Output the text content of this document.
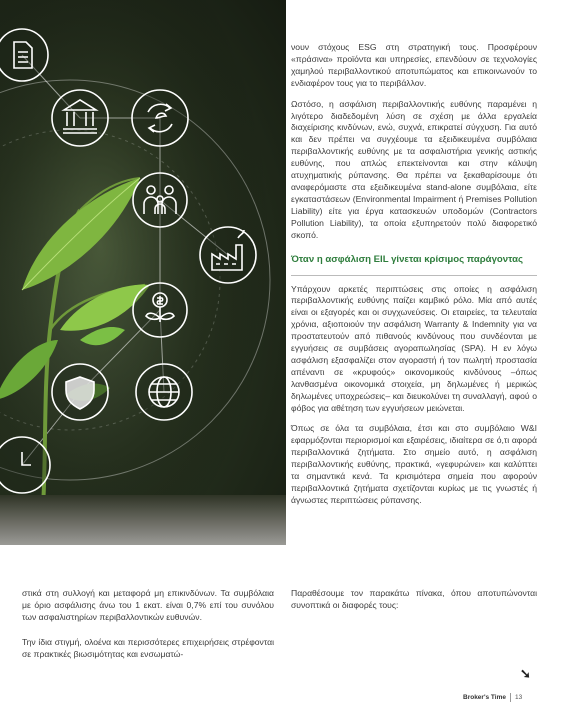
νουν στόχους ESG στη στρατηγική τους. Προσφέρουν «πράσινα» προϊόντα και υπηρεσίες, επενδύουν σε τεχνολογίες χαμηλού περιβαλλοντικού αποτυπώματος και επικοινωνούν το ενδιαφέρον τους για το περιβάλλον.

Ωστόσο, η ασφάλιση περιβαλλοντικής ευθύνης παραμένει η λιγότερο διαδεδομένη λύση σε σχέση με άλλα εργαλεία διαχείρισης κινδύνων, ενώ, συχνά, επικρατεί σύγχυση. Για αυτό και δεν πρέπει να συγχέουμε τα εξειδικευμένα συμβόλαια περιβαλλοντικής ευθύνης με τα ασφαλιστήρια γενικής αστικής ευθύνης, που απλώς επεκτείνονται και στην κάλυψη ατυχηματικής ρύπανσης. Θα πρέπει να ξεκαθαρίσουμε ότι αναφερόμαστε στα εξειδικευμένα stand-alone συμβόλαια, είτε εγκαταστάσεων (Environmental Impairment ή Premises Pollution Liability) είτε για έργα κατασκευών υποδομών (Contractors Pollution Liability), τα οποία εξυπηρετούν πολύ διαφορετικό σκοπό.

Όταν η ασφάλιση EIL γίνεται κρίσιμος παράγοντας

Υπάρχουν αρκετές περιπτώσεις στις οποίες η ασφάλιση περιβαλλοντικής ευθύνης παίζει καμβικό ρόλο. Μία από αυτές είναι οι εξαγορές και οι συγχωνεύσεις. Οι εταιρείες, τα τελευταία χρόνια, αξιοποιούν την ασφάλιση Warranty & Indemnity για να προστατευτούν από πιθανούς κινδύνους που συνδέονται με εγγυήσεις σε συμβάσεις αγοραπωλησίας (SPA). Η εν λόγω ασφάλιση εξασφαλίζει στον αγοραστή ή τον πωλητή προστασία απέναντι σε «κρυφούς» οικονομικούς κινδύνους –όπως λανθασμένα οικονομικά στοιχεία, μη δηλωμένες ή μερικώς δηλωμένες υποχρεώσεις– και διευκολύνει τη συναλλαγή, αφού ο φόβος για αθέτηση των εγγυήσεων μειώνεται.

Όπως σε όλα τα συμβόλαια, έτσι και στο συμβόλαιο W&I εφαρμόζονται περιορισμοί και εξαιρέσεις, ιδιαίτερα σε ό,τι αφορά περιβαλλοντικά ζητήματα. Στο σημείο αυτό, η ασφάλιση περιβαλλοντικής ευθύνης, πρακτικά, «γεφυρώνει» και καλύπτει τα σημαντικά κενά. Τα κρισιμότερα σημεία που αφορούν περιβαλλοντικά ζητήματα σχετίζονται κυρίως με τις γνωστές ή άγνωστες περιπτώσεις ρύπανσης.

στικά στη συλλογή και μεταφορά μη επικινδύνων. Τα συμβόλαια με όριο ασφάλισης άνω του 1 εκατ. είναι 0,7% επί του συνόλου των ασφαλιστηρίων περιβαλλοντικών ευθυνών.

Την ίδια στιγμή, ολοένα και περισσότερες επιχειρήσεις στρέφονται σε πρακτικές βιωσιμότητας και ενσωματώ-

Παραθέσουμε τον παρακάτω πίνακα, όπου αποτυπώνονται συνοπτικά οι διαφορές τους:

➘
Broker's Time 13
